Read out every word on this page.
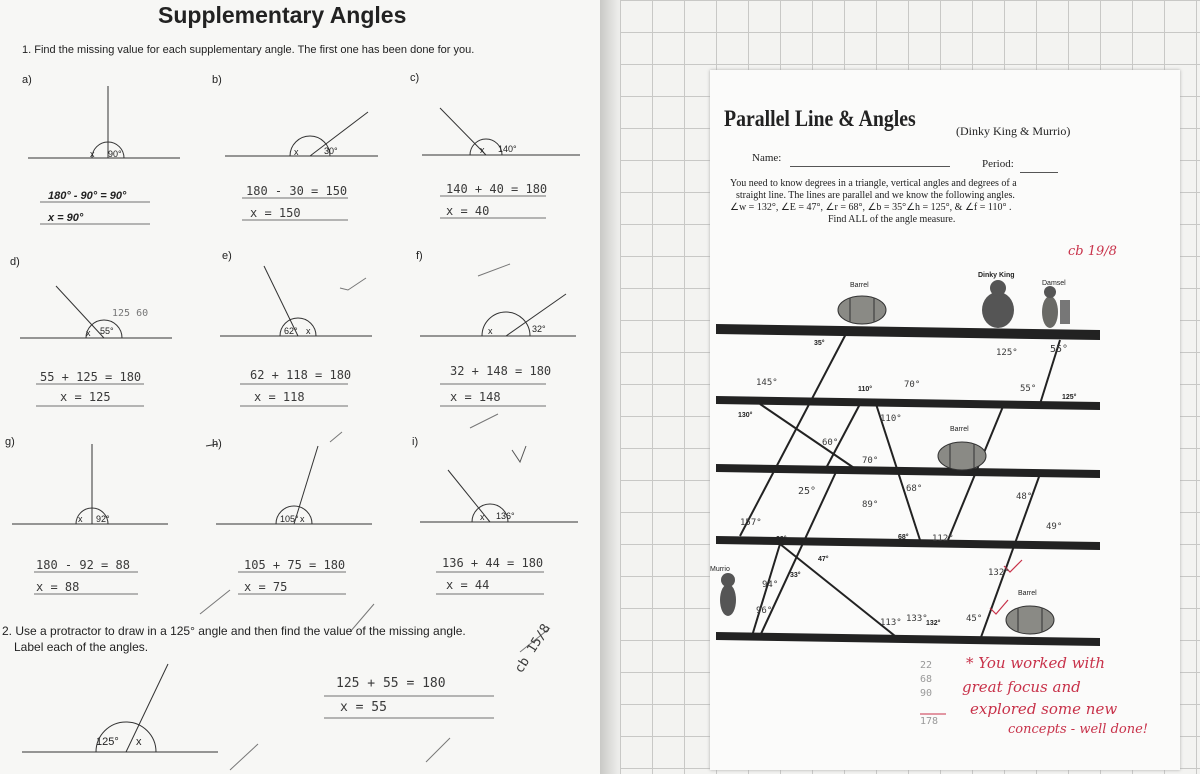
Supplementary Angles
1. Find the missing value for each supplementary angle. The first one has been done for you.
a)	b)	c)
d)	e)	f)
g)	h)	i)
x 90°	x	30°	x 140°
x 55°
125 60
62° x	x	32°
x 92°	105° x	x 136°
180° - 90° = 90°
x = 90°
180 - 30 = 150
x = 150
140 + 40 = 180
x = 40
55 + 125 = 180
x = 125
62 + 118 = 180
x = 118
32 + 148 = 180
x = 148
180 - 92 = 88
x = 88
105 + 75 = 180
x = 75
136 + 44 = 180
x = 44
2. Use a protractor to draw in a 125° angle and then find the value of the missing angle.
Label each of the angles.
125 + 55 = 180
x = 55
125° x
cb 15/8
Parallel Line & Angles	(Dinky King & Murrio)
Name:	Period:
You need to know degrees in a triangle, vertical angles and degrees of a
straight line. The lines are parallel and we know the following angles.
∠w = 132°, ∠E = 47°, ∠r = 68°, ∠b = 35°∠h = 125°, & ∠f = 110° .
Find ALL of the angle measure.
cb 19/8
Barrel
Barrel
Barrel
Dinky King
Damsel
Murrio
35°
110°
130°
125°
55°
23°
47°
33°
132°
68°	112°
25°
60°
70°
145°
157°
94°
96°
113°	45°
48°
55°
68°
70°
110°
132°
125°
89°
49°
133°
22
68
90
178
* You worked with
great focus and
explored some new
concepts - well done!
